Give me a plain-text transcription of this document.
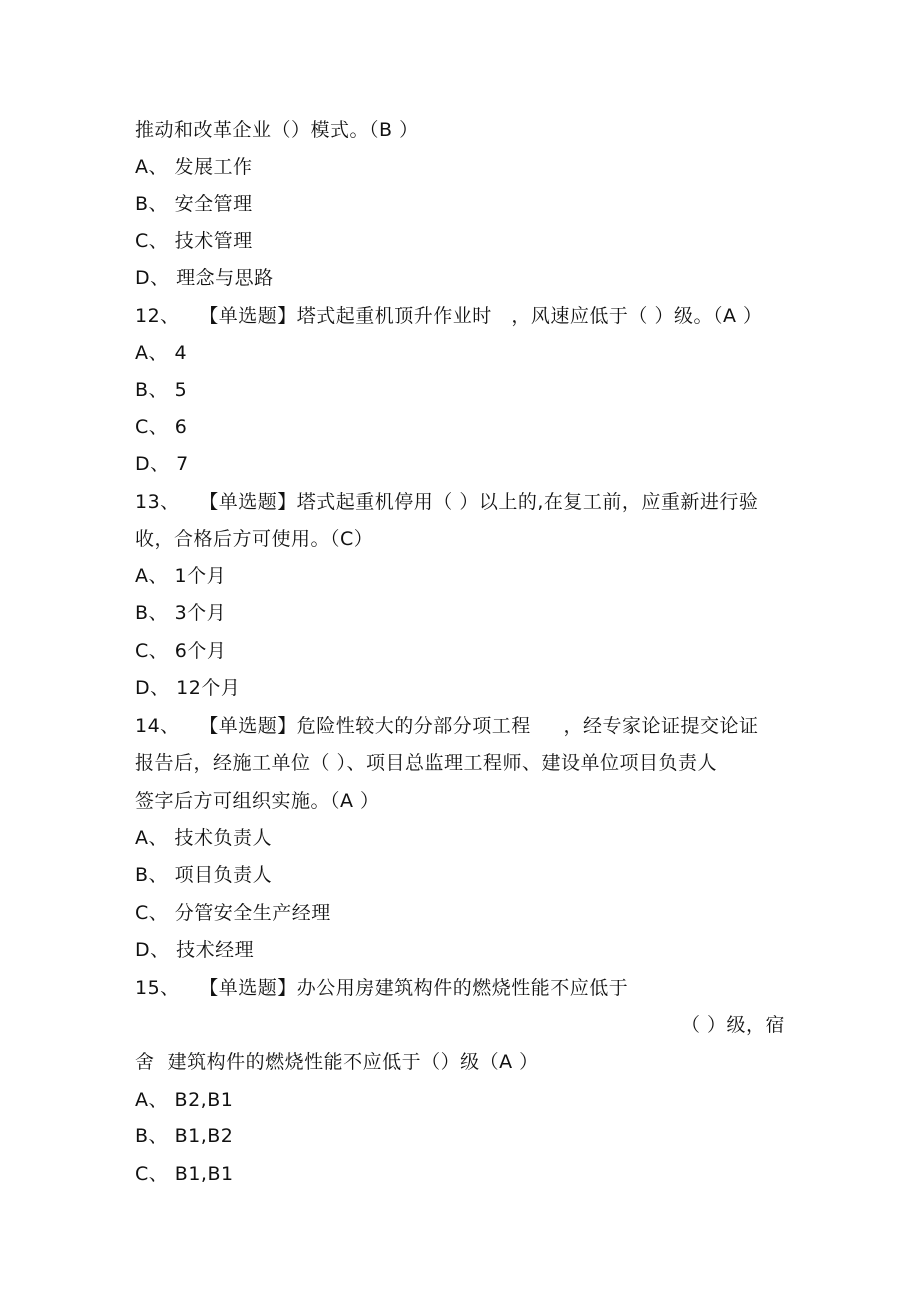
推动和改革企业（）模式。（B ）
A、 发展工作
B、 安全管理
C、 技术管理
D、 理念与思路
12、   【单选题】塔式起重机顶升作业时   ，风速应低于（ ）级。（A ）
A、 4
B、 5
C、 6
D、 7
13、   【单选题】塔式起重机停用（ ）以上的,在复工前，应重新进行验
收，合格后方可使用。（C）
A、 1个月
B、 3个月
C、 6个月
D、 12个月
14、   【单选题】危险性较大的分部分项工程     ，经专家论证提交论证
报告后，经施工单位（ ）、项目总监理工程师、建设单位项目负责人
签字后方可组织实施。（A ）
A、 技术负责人
B、 项目负责人
C、 分管安全生产经理
D、 技术经理
15、   【单选题】办公用房建筑构件的燃烧性能不应低于
（ ）级，宿
舍  建筑构件的燃烧性能不应低于（）级（A ）
A、 B2,B1
B、 B1,B2
C、 B1,B1
